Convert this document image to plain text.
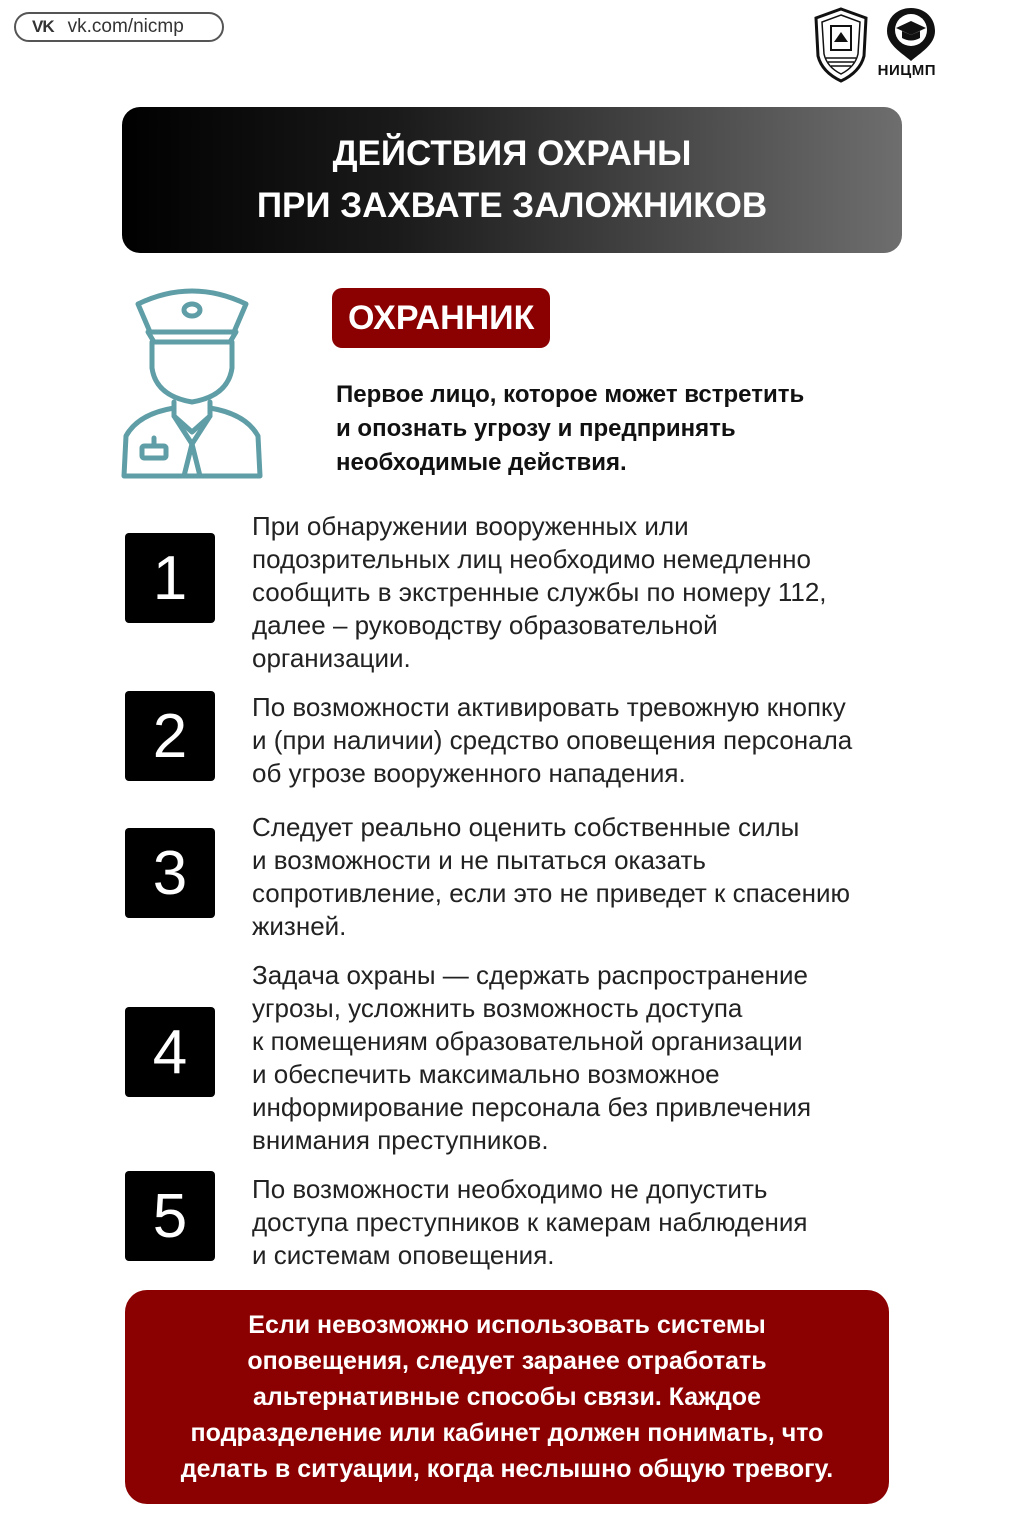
VK vk.com/nicmp
НИЦМП
ДЕЙСТВИЯ ОХРАНЫ
ПРИ ЗАХВАТЕ ЗАЛОЖНИКОВ
ОХРАННИК
Первое лицо, которое может встретить
и опознать угрозу и предпринять
необходимые действия.
1
При обнаружении вооруженных или
подозрительных лиц необходимо немедленно
сообщить в экстренные службы по номеру 112,
далее – руководству образовательной
организации.
2	По возможности активировать тревожную кнопку
и (при наличии) средство оповещения персонала
об угрозе вооруженного нападения.
3
Следует реально оценить собственные силы
и возможности и не пытаться оказать
сопротивление, если это не приведет к спасению
жизней.
4
Задача охраны — сдержать распространение
угрозы, усложнить возможность доступа
к помещениям образовательной организации
и обеспечить максимально возможное
информирование персонала без привлечения
внимания преступников.
5	По возможности необходимо не допустить
доступа преступников к камерам наблюдения
и системам оповещения.
Если невозможно использовать системы
оповещения, следует заранее отработать
альтернативные способы связи. Каждое
подразделение или кабинет должен понимать, что
делать в ситуации, когда неслышно общую тревогу.
